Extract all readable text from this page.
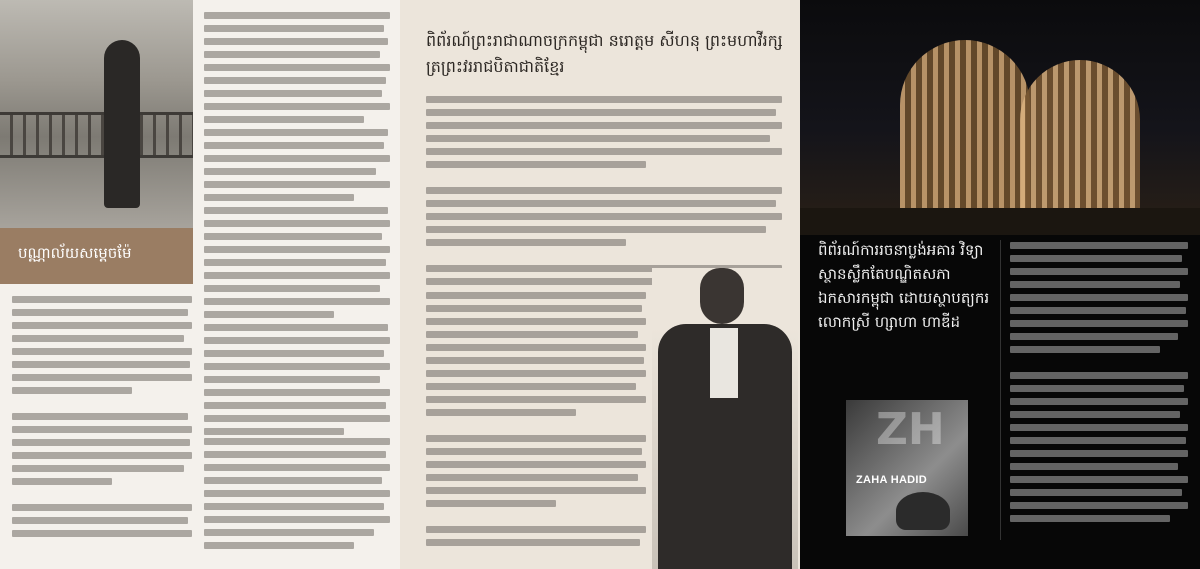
បណ្ណាល័យសម្តេចម៉ែ
ពិព័រណ៍ព្រះរាជាណាចក្រកម្ពុជា នរោត្តម សីហនុ ព្រះមហាវីរក្សត្រព្រះវររាជបិតាជាតិខ្មែរ
ពិព័រណ៍ការរចនាប្លង់អគារ វិទ្យាស្ថានស្លឹកតែបណ្ឌិតសភា ឯកសារកម្ពុជា ដោយស្ថាបត្យករ លោកស្រី ហ្សាហា ហាឌីដ
ZH
ZAHA HADID
